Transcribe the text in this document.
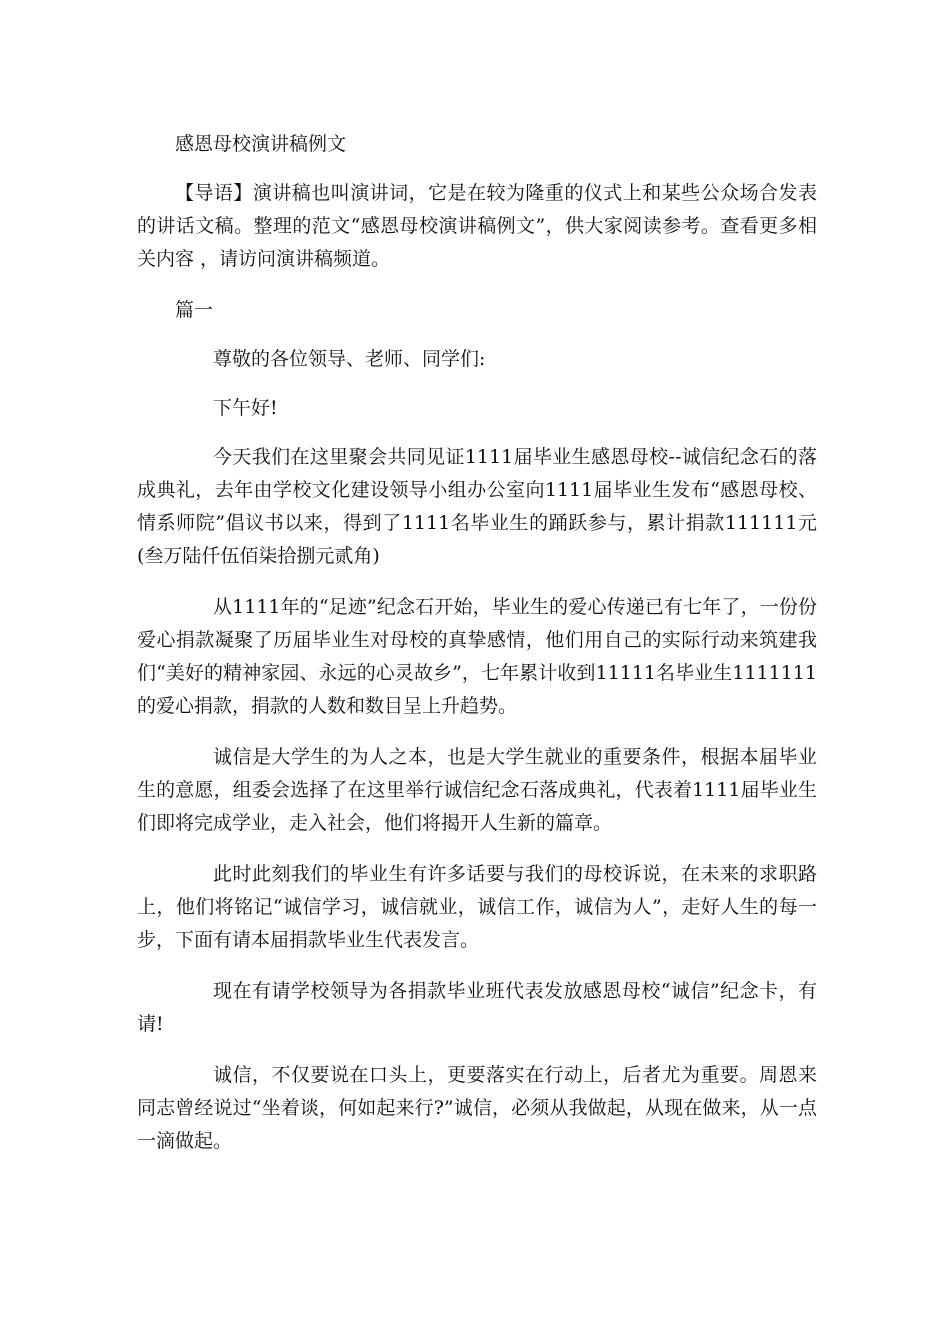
感恩母校演讲稿例文

【导语】演讲稿也叫演讲词，它是在较为隆重的仪式上和某些公众场合发表的讲话文稿。整理的范文“感恩母校演讲稿例文”，供大家阅读参考。查看更多相关内容 ，请访问演讲稿频道。

篇一
尊敬的各位领导、老师、同学们:
下午好!

今天我们在这里聚会共同见证1111届毕业生感恩母校--诚信纪念石的落成典礼，去年由学校文化建设领导小组办公室向1111届毕业生发布“感恩母校、情系师院”倡议书以来，得到了1111名毕业生的踊跃参与，累计捐款111111元(叁万陆仟伍佰柒拾捌元贰角)

从1111年的“足迹”纪念石开始，毕业生的爱心传递已有七年了，一份份爱心捐款凝聚了历届毕业生对母校的真挚感情，他们用自己的实际行动来筑建我们“美好的精神家园、永远的心灵故乡”，七年累计收到11111名毕业生1111111的爱心捐款，捐款的人数和数目呈上升趋势。

诚信是大学生的为人之本，也是大学生就业的重要条件，根据本届毕业生的意愿，组委会选择了在这里举行诚信纪念石落成典礼，代表着1111届毕业生们即将完成学业，走入社会，他们将揭开人生新的篇章。

此时此刻我们的毕业生有许多话要与我们的母校诉说，在未来的求职路上，他们将铭记“诚信学习，诚信就业，诚信工作，诚信为人”，走好人生的每一步，下面有请本届捐款毕业生代表发言。

现在有请学校领导为各捐款毕业班代表发放感恩母校“诚信”纪念卡，有请!

诚信，不仅要说在口头上，更要落实在行动上，后者尤为重要。周恩来同志曾经说过“坐着谈，何如起来行?”诚信，必须从我做起，从现在做来，从一点一滴做起。
